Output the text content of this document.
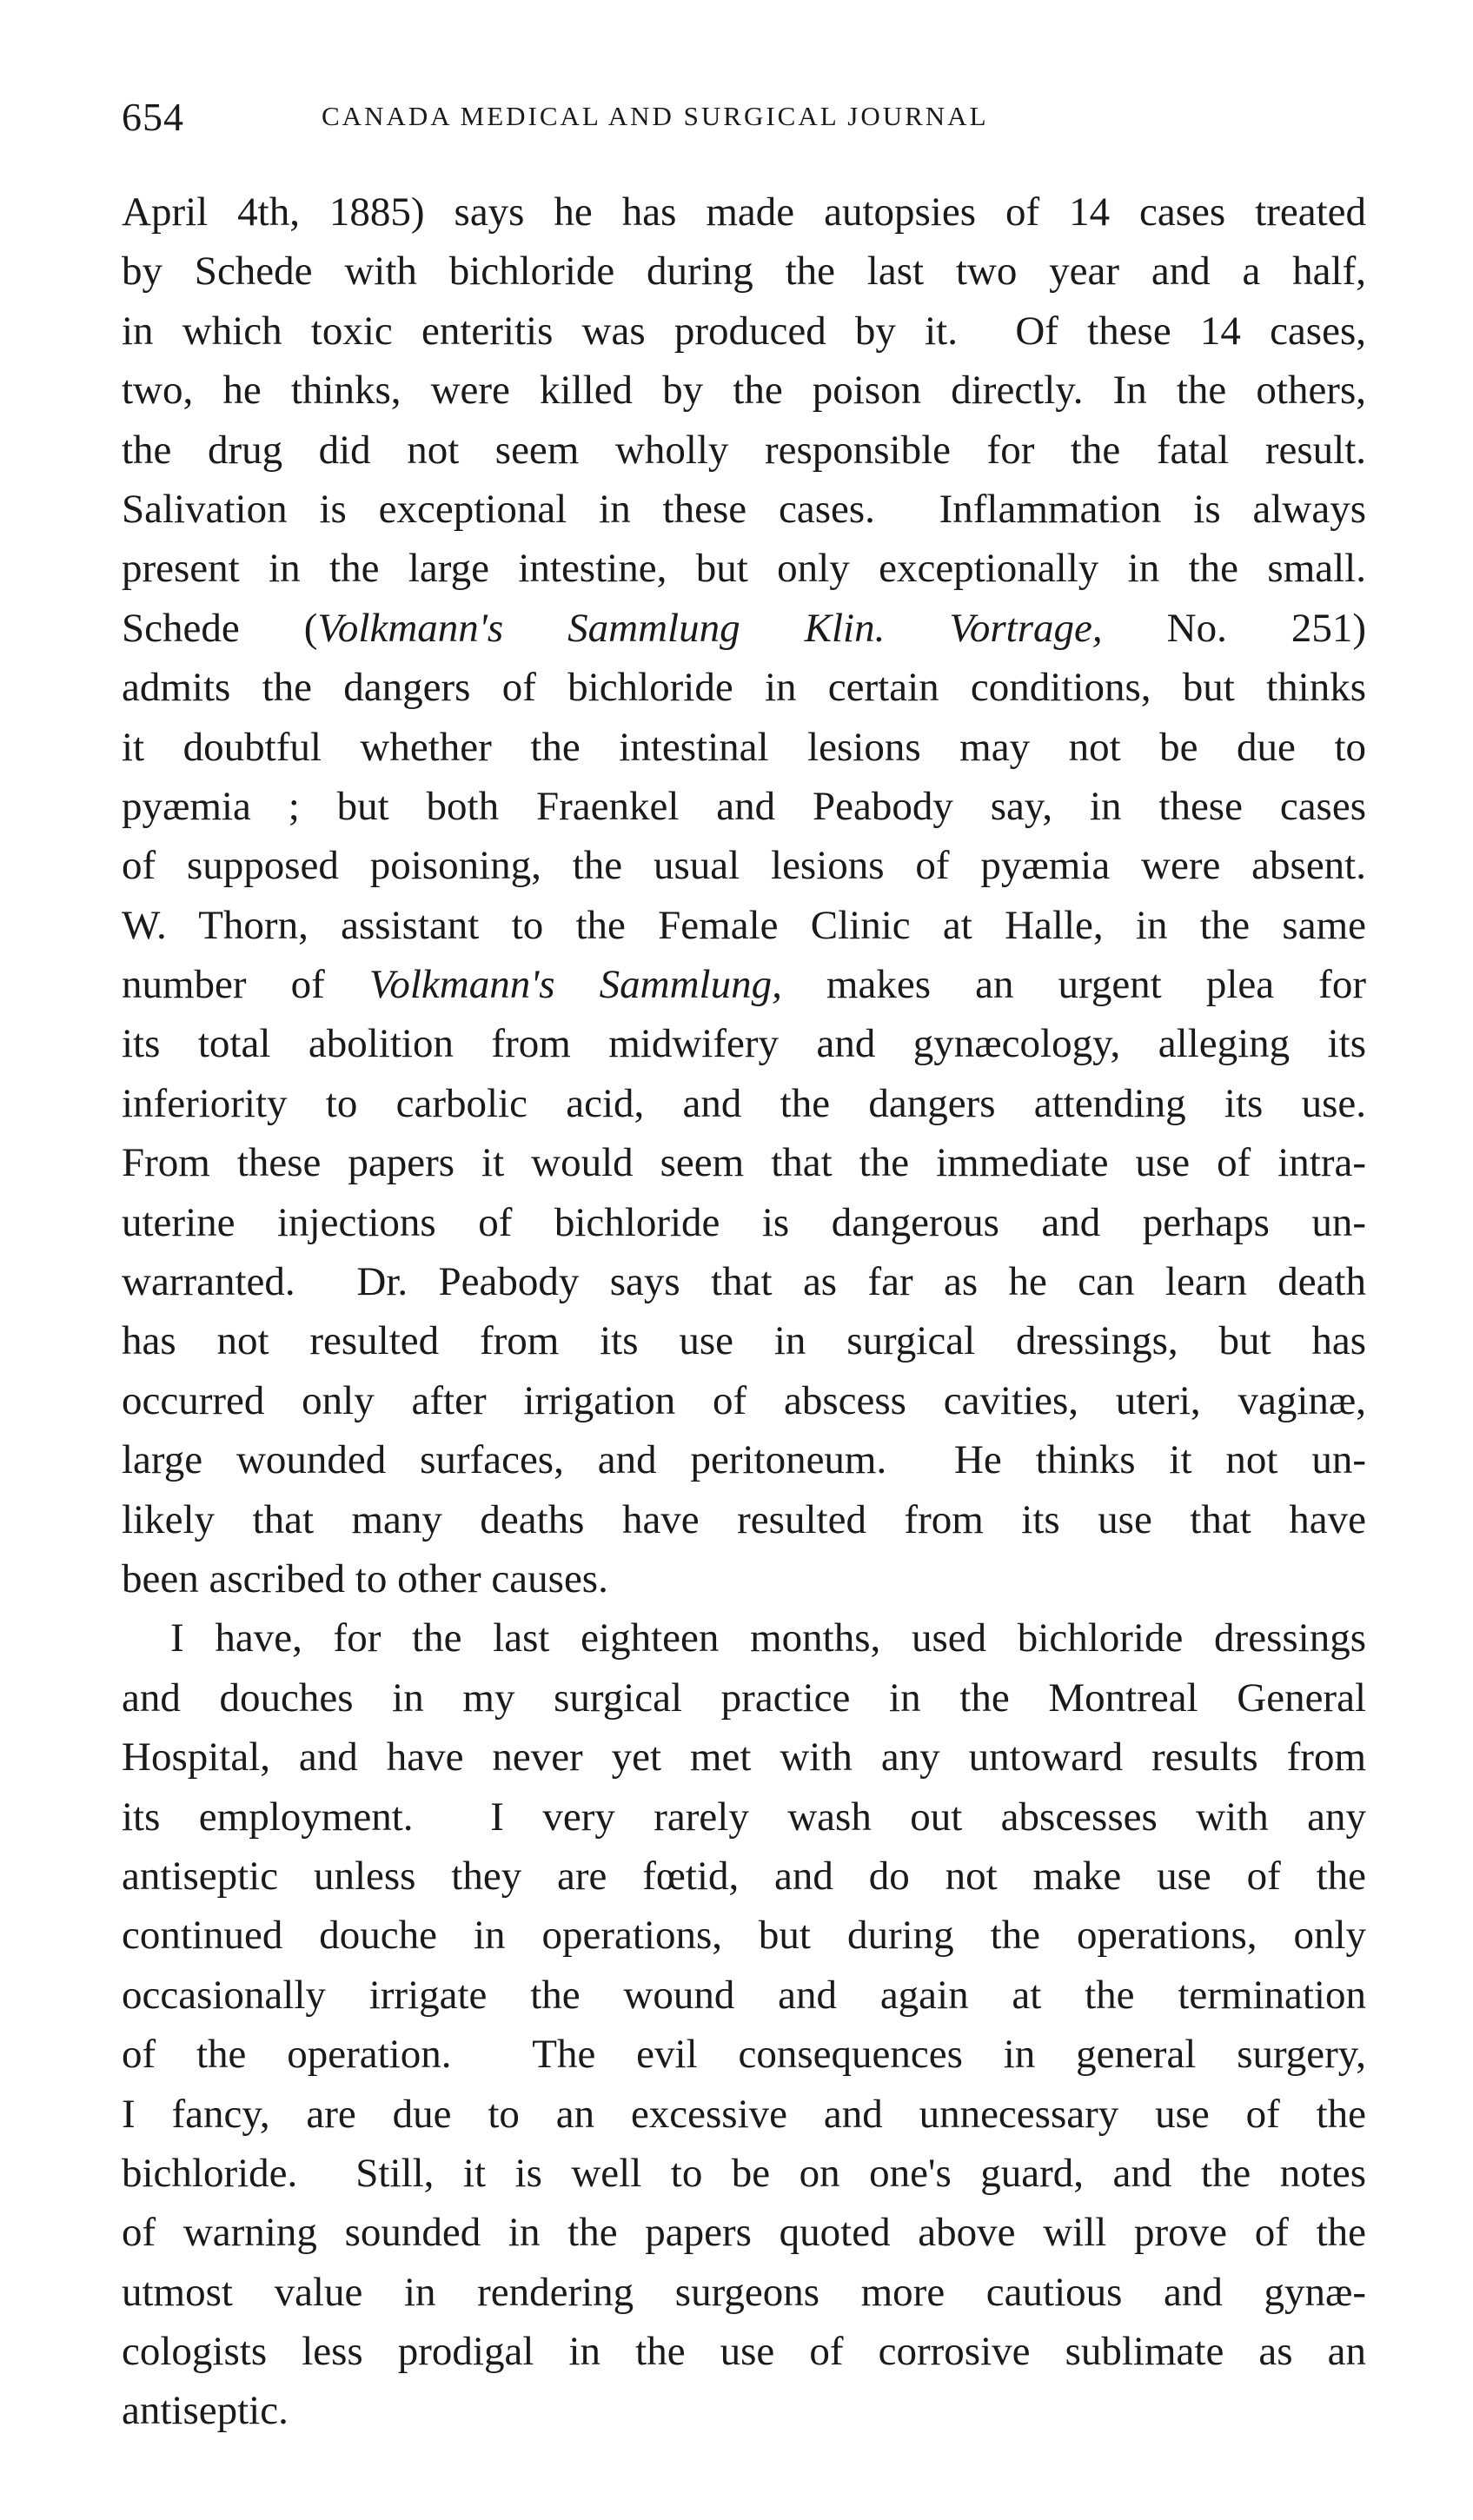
654	CANADA MEDICAL AND SURGICAL JOURNAL
April 4th, 1885) says he has made autopsies of 14 cases treated
by Schede with bichloride during the last two year and a half,
in which toxic enteritis was produced by it.  Of these 14 cases,
two, he thinks, were killed by the poison directly. In the others,
the drug did not seem wholly responsible for the fatal result.
Salivation is exceptional in these cases.  Inflammation is always
present in the large intestine, but only exceptionally in the small.
Schede (Volkmann's Sammlung Klin. Vortrage, No. 251)
admits the dangers of bichloride in certain conditions, but thinks
it doubtful whether the intestinal lesions may not be due to
pyæmia ; but both Fraenkel and Peabody say, in these cases
of supposed poisoning, the usual lesions of pyæmia were absent.
W. Thorn, assistant to the Female Clinic at Halle, in the same
number of Volkmann's Sammlung, makes an urgent plea for
its total abolition from midwifery and gynæcology, alleging its
inferiority to carbolic acid, and the dangers attending its use.
From these papers it would seem that the immediate use of intra-
uterine injections of bichloride is dangerous and perhaps un-
warranted.  Dr. Peabody says that as far as he can learn death
has not resulted from its use in surgical dressings, but has
occurred only after irrigation of abscess cavities, uteri, vaginæ,
large wounded surfaces, and peritoneum.  He thinks it not un-
likely that many deaths have resulted from its use that have
been ascribed to other causes.
I have, for the last eighteen months, used bichloride dressings
and douches in my surgical practice in the Montreal General
Hospital, and have never yet met with any untoward results from
its employment.  I very rarely wash out abscesses with any
antiseptic unless they are fœtid, and do not make use of the
continued douche in operations, but during the operations, only
occasionally irrigate the wound and again at the termination
of the operation.  The evil consequences in general surgery,
I fancy, are due to an excessive and unnecessary use of the
bichloride.  Still, it is well to be on one's guard, and the notes
of warning sounded in the papers quoted above will prove of the
utmost value in rendering surgeons more cautious and gynæ-
cologists less prodigal in the use of corrosive sublimate as an
antiseptic.
